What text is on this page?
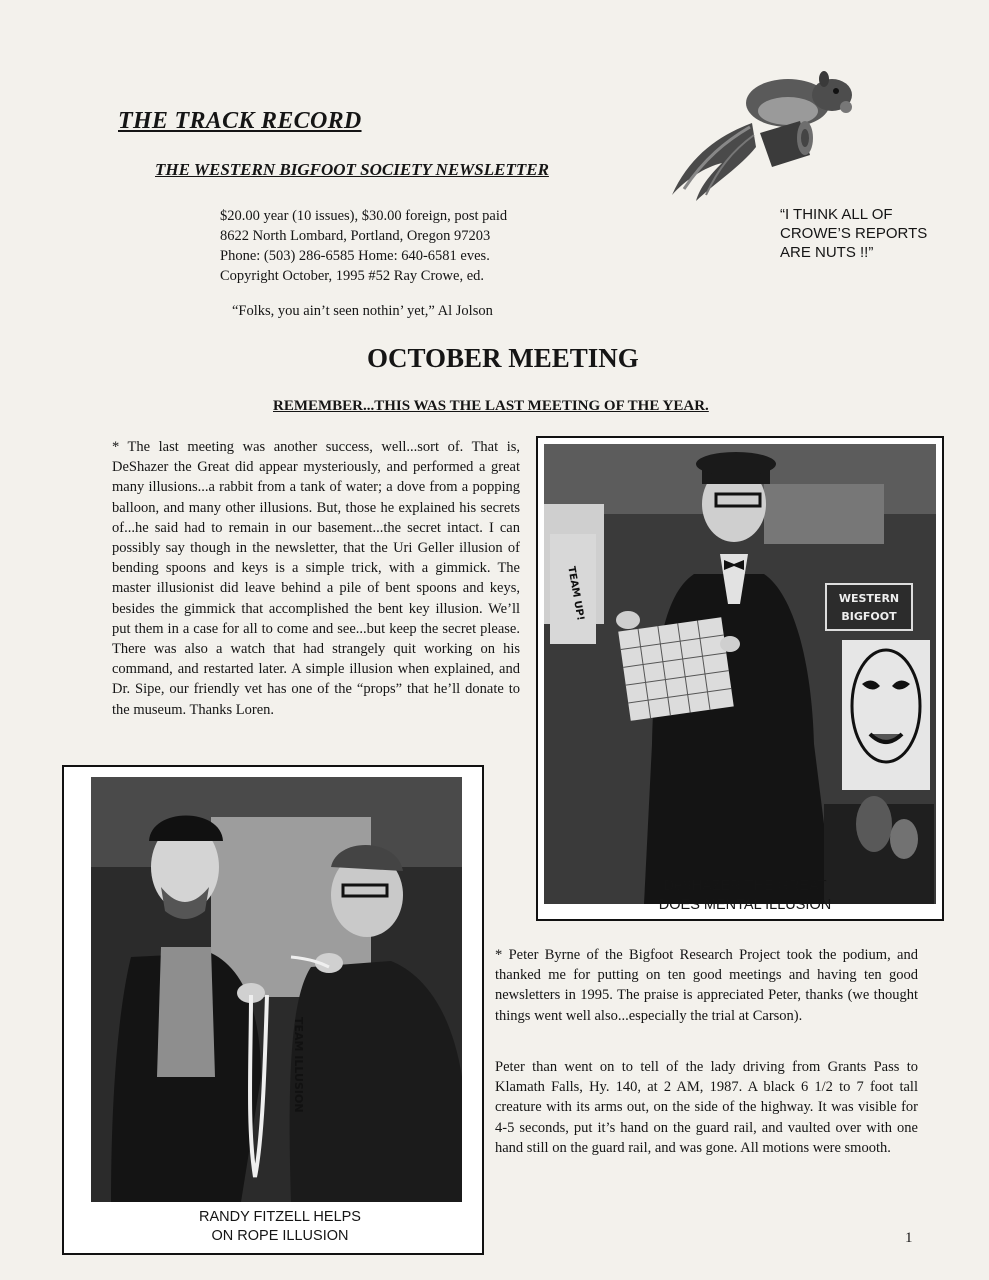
THE TRACK RECORD
THE WESTERN BIGFOOT SOCIETY NEWSLETTER
$20.00 year (10 issues), $30.00 foreign, post paid
8622 North Lombard, Portland, Oregon 97203
Phone: (503) 286-6585 Home: 640-6581 eves.
Copyright October, 1995 #52 Ray Crowe, ed.
“Folks, you ain’t seen nothin’ yet,” Al Jolson
“I THINK ALL OF
CROWE’S REPORTS
ARE NUTS !!”
OCTOBER MEETING
REMEMBER...THIS WAS THE LAST MEETING OF THE YEAR.

* The last meeting was another success, well...sort of. That is, DeShazer the Great did appear mysteriously, and performed a great many illusions...a rabbit from a tank of water; a dove from a popping balloon, and many other illusions. But, those he explained his secrets of...he said had to remain in our basement...the secret intact. I can possibly say though in the newsletter, that the Uri Geller illusion of bending spoons and keys is a simple trick, with a gimmick. The master illusionist did leave behind a pile of bent spoons and keys, besides the gimmick that accomplished the bent key illusion. We’ll put them in a case for all to come and see...but keep the secret please. There was also a watch that had strangely quit working on his command, and restarted later. A simple illusion when explained, and Dr. Sipe, our friendly vet has one of the “props” that he’ll donate to the museum. Thanks Loren.

TEAM UP!	WESTERN
BIGFOOT
DeSHAZER THE GREAT
DOES MENTAL ILLUSION
TEAM ILLUSION
RANDY FITZELL HELPS
ON ROPE ILLUSION

* Peter Byrne of the Bigfoot Research Project took the podium, and thanked me for putting on ten good meetings and having ten good newsletters in 1995. The praise is appreciated Peter, thanks (we thought things went well also...especially the trial at Carson).

Peter than went on to tell of the lady driving from Grants Pass to Klamath Falls, Hy. 140, at 2 AM, 1987. A black 6 1/2 to 7 foot tall creature with its arms out, on the side of the highway. It was visible for 4-5 seconds, put it’s hand on the guard rail, and vaulted over with one hand still on the guard rail, and was gone. All motions were smooth.

1
